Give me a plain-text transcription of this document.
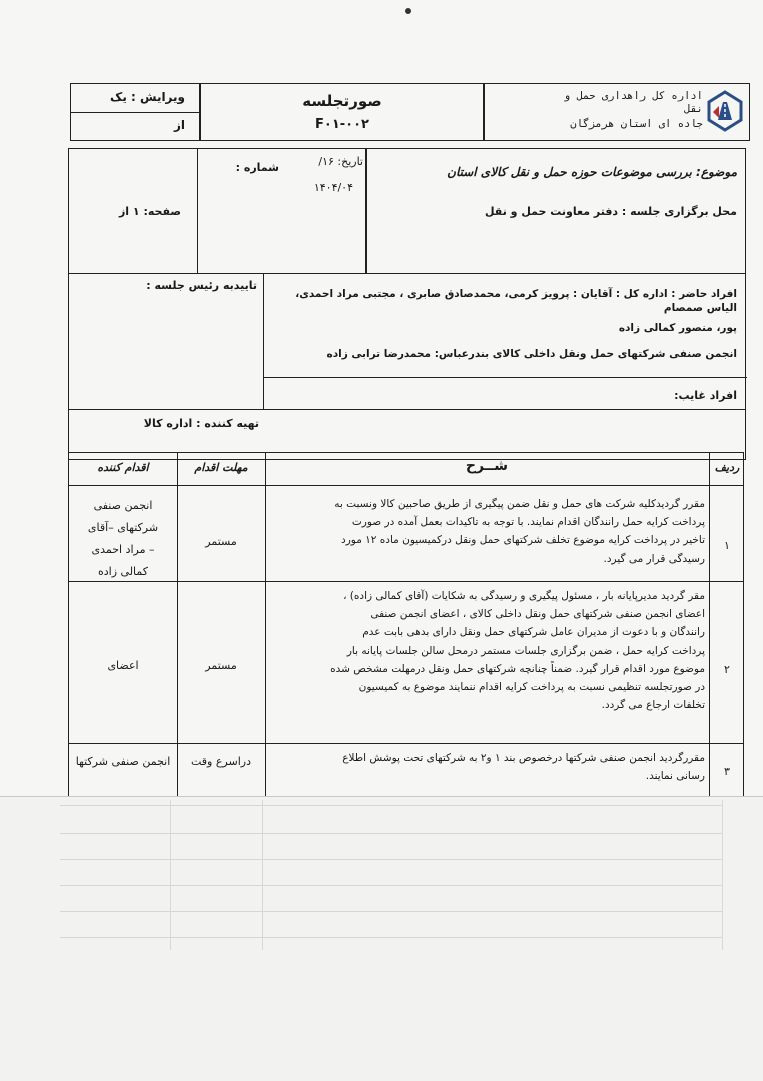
ویرایش : یک
از
صورتجلسه
F۰۱-۰۰۲
اداره کل راهداری حمل و نقل
جاده ای استان هرمزگان
موضوع: بررسی موضوعات حوزه حمل و نقل کالای استان
محل برگزاری جلسه : دفتر معاونت حمل و نقل
تاریخ: ۱۶/
۱۴۰۴/۰۴
شماره :
صفحه: ۱ از
تاییدبه رئیس جلسه :
افراد حاضر : اداره کل : آقایان : پرویز کرمی، محمدصادق صابری ، مجتبی مراد احمدی، الیاس صمصام
پور، منصور کمالی زاده
انجمن صنفی شرکتهای حمل ونقل داخلی کالای بندرعباس: محمدرضا ترابی زاده
افراد غایب:
تهیه کننده : اداره کالا
ردیف
شــرح
مهلت اقدام
اقدام کننده
۱
مقرر گردیدکلیه شرکت های حمل و نقل ضمن پیگیری از طریق صاحبین کالا ونسبت به
پرداخت کرایه حمل رانندگان اقدام نمایند. با توجه به تاکیدات بعمل آمده در صورت
تاخیر در پرداخت کرایه موضوع تخلف شرکتهای حمل ونقل درکمیسیون ماده ۱۲ مورد
رسیدگی قرار می گیرد.
مستمر
انجمن صنفی
شرکتهای –آقای
مراد احمدی –
کمالی زاده
۲
مقر گردید مدیرپایانه بار ، مسئول پیگیری و رسیدگی به شکایات (آقای کمالی زاده) ،
اعضای انجمن صنفی شرکتهای حمل ونقل داخلی کالای ، اعضای انجمن صنفی
رانندگان و با دعوت از مدیران عامل شرکتهای حمل ونقل دارای بدهی بابت عدم
پرداخت کرایه حمل ، ضمن برگزاری جلسات مستمر درمحل سالن جلسات پایانه بار
موضوع مورد اقدام قرار گیرد. ضمناً چنانچه شرکتهای حمل ونقل درمهلت مشخص شده
در صورتجلسه تنظیمی نسبت به پرداخت کرایه اقدام ننمایند موضوع به کمیسیون
تخلفات ارجاع می گردد.
مستمر
اعضای
۳
مقررگردید انجمن صنفی شرکتها درخصوص بند ۱ و۲ به شرکتهای تحت پوشش اطلاع
رسانی نمایند.
دراسرع وقت
انجمن صنفی شرکتها
